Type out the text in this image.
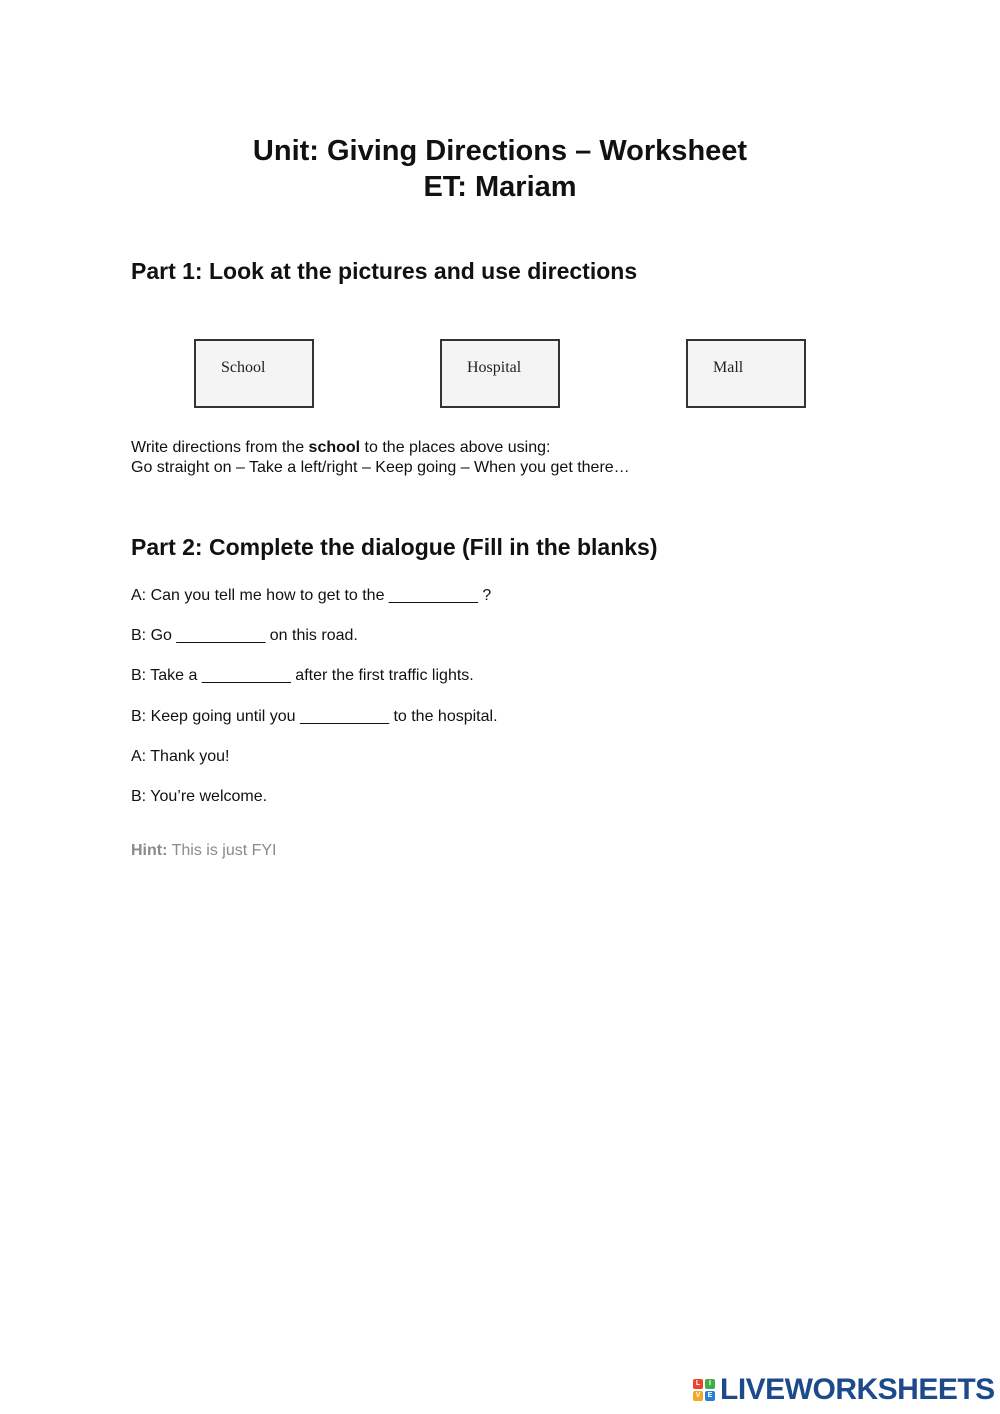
Unit: Giving Directions – Worksheet
ET: Mariam
Part 1: Look at the pictures and use directions
School	Hospital	Mall

Write directions from the school to the places above using:

Go straight on – Take a left/right – Keep going – When you get there…

Part 2: Complete the dialogue (Fill in the blanks)

A: Can you tell me how to get to the __________ ?

B: Go __________ on this road.

B: Take a __________ after the first traffic lights.

B: Keep going until you __________ to the hospital.

A: Thank you!

B: You’re welcome.

Hint: This is just FYI

L	I
V	E LIVEWORKSHEETS
